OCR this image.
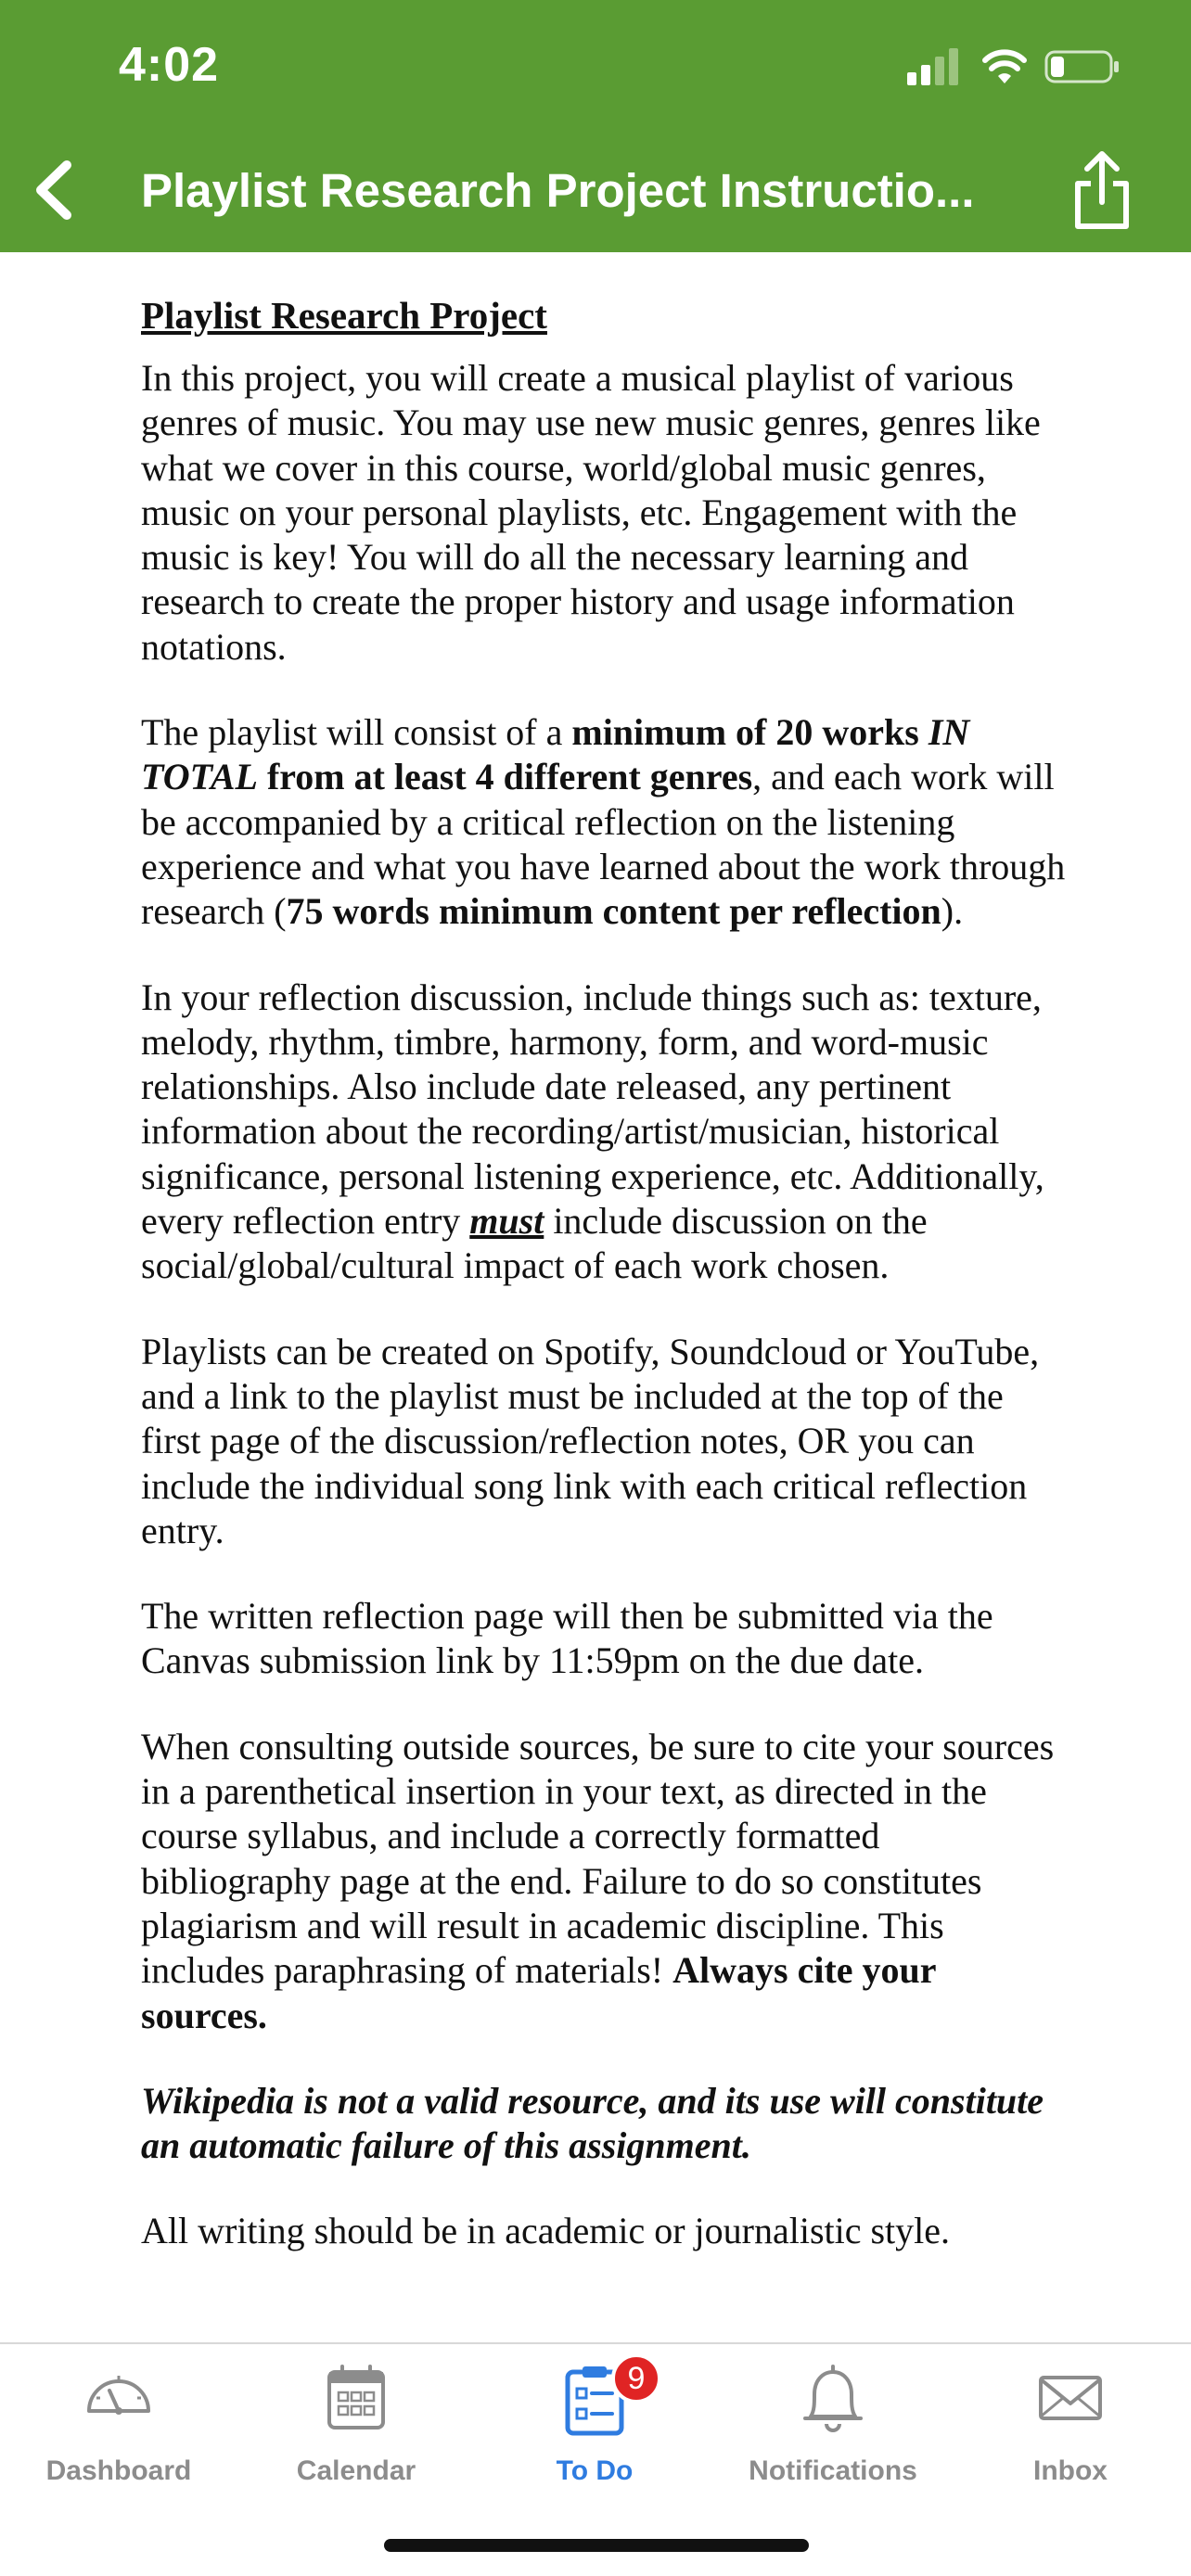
4:02
Playlist Research Project Instructio...
Playlist Research Project

In this project, you will create a musical playlist of various genres of music. You may use new music genres, genres like what we cover in this course, world/global music genres, music on your personal playlists, etc. Engagement with the music is key! You will do all the necessary learning and research to create the proper history and usage information notations.

The playlist will consist of a minimum of 20 works IN TOTAL from at least 4 different genres, and each work will be accompanied by a critical reflection on the listening experience and what you have learned about the work through research (75 words minimum content per reflection).

In your reflection discussion, include things such as: texture, melody, rhythm, timbre, harmony, form, and word-music relationships. Also include date released, any pertinent information about the recording/artist/musician, historical significance, personal listening experience, etc. Additionally, every reflection entry must include discussion on the social/global/cultural impact of each work chosen.

Playlists can be created on Spotify, Soundcloud or YouTube, and a link to the playlist must be included at the top of the first page of the discussion/reflection notes, OR you can include the individual song link with each critical reflection entry.

The written reflection page will then be submitted via the Canvas submission link by 11:59pm on the due date.

When consulting outside sources, be sure to cite your sources in a parenthetical insertion in your text, as directed in the course syllabus, and include a correctly formatted bibliography page at the end. Failure to do so constitutes plagiarism and will result in academic discipline. This includes paraphrasing of materials! Always cite your sources.

Wikipedia is not a valid resource, and its use will constitute an automatic failure of this assignment.

All writing should be in academic or journalistic style.

Dashboard	Calendar
9
To Do	Notifications	Inbox
